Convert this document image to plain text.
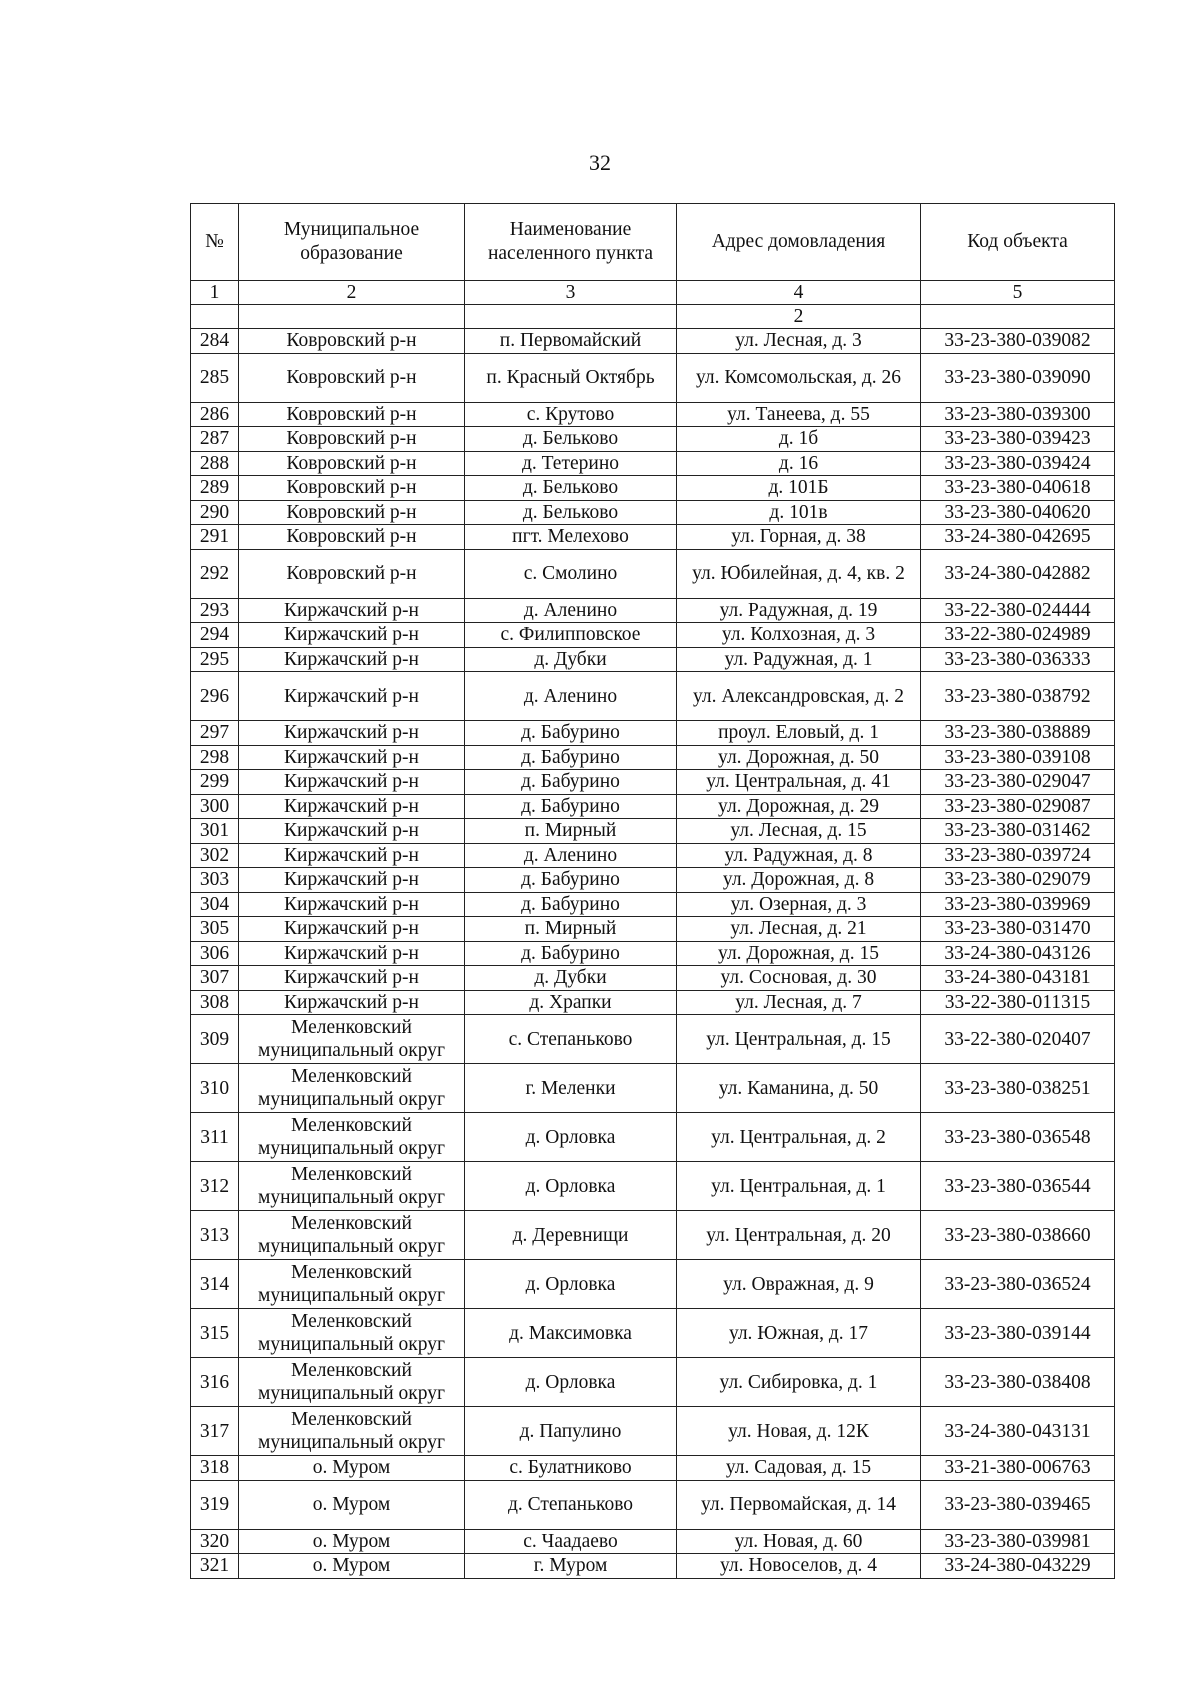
32
№	Муниципальное образование	Наименование населенного пункта	Адрес домовладения	Код объекта
1	2	3	4	5
			2	
284	Ковровский р-н	п. Первомайский	ул. Лесная, д. 3	33-23-380-039082
285	Ковровский р-н	п. Красный Октябрь	ул. Комсомольская, д. 26	33-23-380-039090
286	Ковровский р-н	с. Крутово	ул. Танеева, д. 55	33-23-380-039300
287	Ковровский р-н	д. Бельково	д. 1б	33-23-380-039423
288	Ковровский р-н	д. Тетерино	д. 16	33-23-380-039424
289	Ковровский р-н	д. Бельково	д. 101Б	33-23-380-040618
290	Ковровский р-н	д. Бельково	д. 101в	33-23-380-040620
291	Ковровский р-н	пгт. Мелехово	ул. Горная, д. 38	33-24-380-042695
292	Ковровский р-н	с. Смолино	ул. Юбилейная, д. 4, кв. 2	33-24-380-042882
293	Киржачский р-н	д. Аленино	ул. Радужная, д. 19	33-22-380-024444
294	Киржачский р-н	с. Филипповское	ул. Колхозная, д. 3	33-22-380-024989
295	Киржачский р-н	д. Дубки	ул. Радужная, д. 1	33-23-380-036333
296	Киржачский р-н	д. Аленино	ул. Александровская, д. 2	33-23-380-038792
297	Киржачский р-н	д. Бабурино	проул. Еловый, д. 1	33-23-380-038889
298	Киржачский р-н	д. Бабурино	ул. Дорожная, д. 50	33-23-380-039108
299	Киржачский р-н	д. Бабурино	ул. Центральная, д. 41	33-23-380-029047
300	Киржачский р-н	д. Бабурино	ул. Дорожная, д. 29	33-23-380-029087
301	Киржачский р-н	п. Мирный	ул. Лесная, д. 15	33-23-380-031462
302	Киржачский р-н	д. Аленино	ул. Радужная, д. 8	33-23-380-039724
303	Киржачский р-н	д. Бабурино	ул. Дорожная, д. 8	33-23-380-029079
304	Киржачский р-н	д. Бабурино	ул. Озерная, д. 3	33-23-380-039969
305	Киржачский р-н	п. Мирный	ул. Лесная, д. 21	33-23-380-031470
306	Киржачский р-н	д. Бабурино	ул. Дорожная, д. 15	33-24-380-043126
307	Киржачский р-н	д. Дубки	ул. Сосновая, д. 30	33-24-380-043181
308	Киржачский р-н	д. Храпки	ул. Лесная, д. 7	33-22-380-011315
309	Меленковский муниципальный округ	с. Степаньково	ул. Центральная, д. 15	33-22-380-020407
310	Меленковский муниципальный округ	г. Меленки	ул. Каманина, д. 50	33-23-380-038251
311	Меленковский муниципальный округ	д. Орловка	ул. Центральная, д. 2	33-23-380-036548
312	Меленковский муниципальный округ	д. Орловка	ул. Центральная, д. 1	33-23-380-036544
313	Меленковский муниципальный округ	д. Деревнищи	ул. Центральная, д. 20	33-23-380-038660
314	Меленковский муниципальный округ	д. Орловка	ул. Овражная, д. 9	33-23-380-036524
315	Меленковский муниципальный округ	д. Максимовка	ул. Южная, д. 17	33-23-380-039144
316	Меленковский муниципальный округ	д. Орловка	ул. Сибировка, д. 1	33-23-380-038408
317	Меленковский муниципальный округ	д. Папулино	ул. Новая, д. 12К	33-24-380-043131
318	о. Муром	с. Булатниково	ул. Садовая, д. 15	33-21-380-006763
319	о. Муром	д. Степаньково	ул. Первомайская, д. 14	33-23-380-039465
320	о. Муром	с. Чаадаево	ул. Новая, д. 60	33-23-380-039981
321	о. Муром	г. Муром	ул. Новоселов, д. 4	33-24-380-043229
